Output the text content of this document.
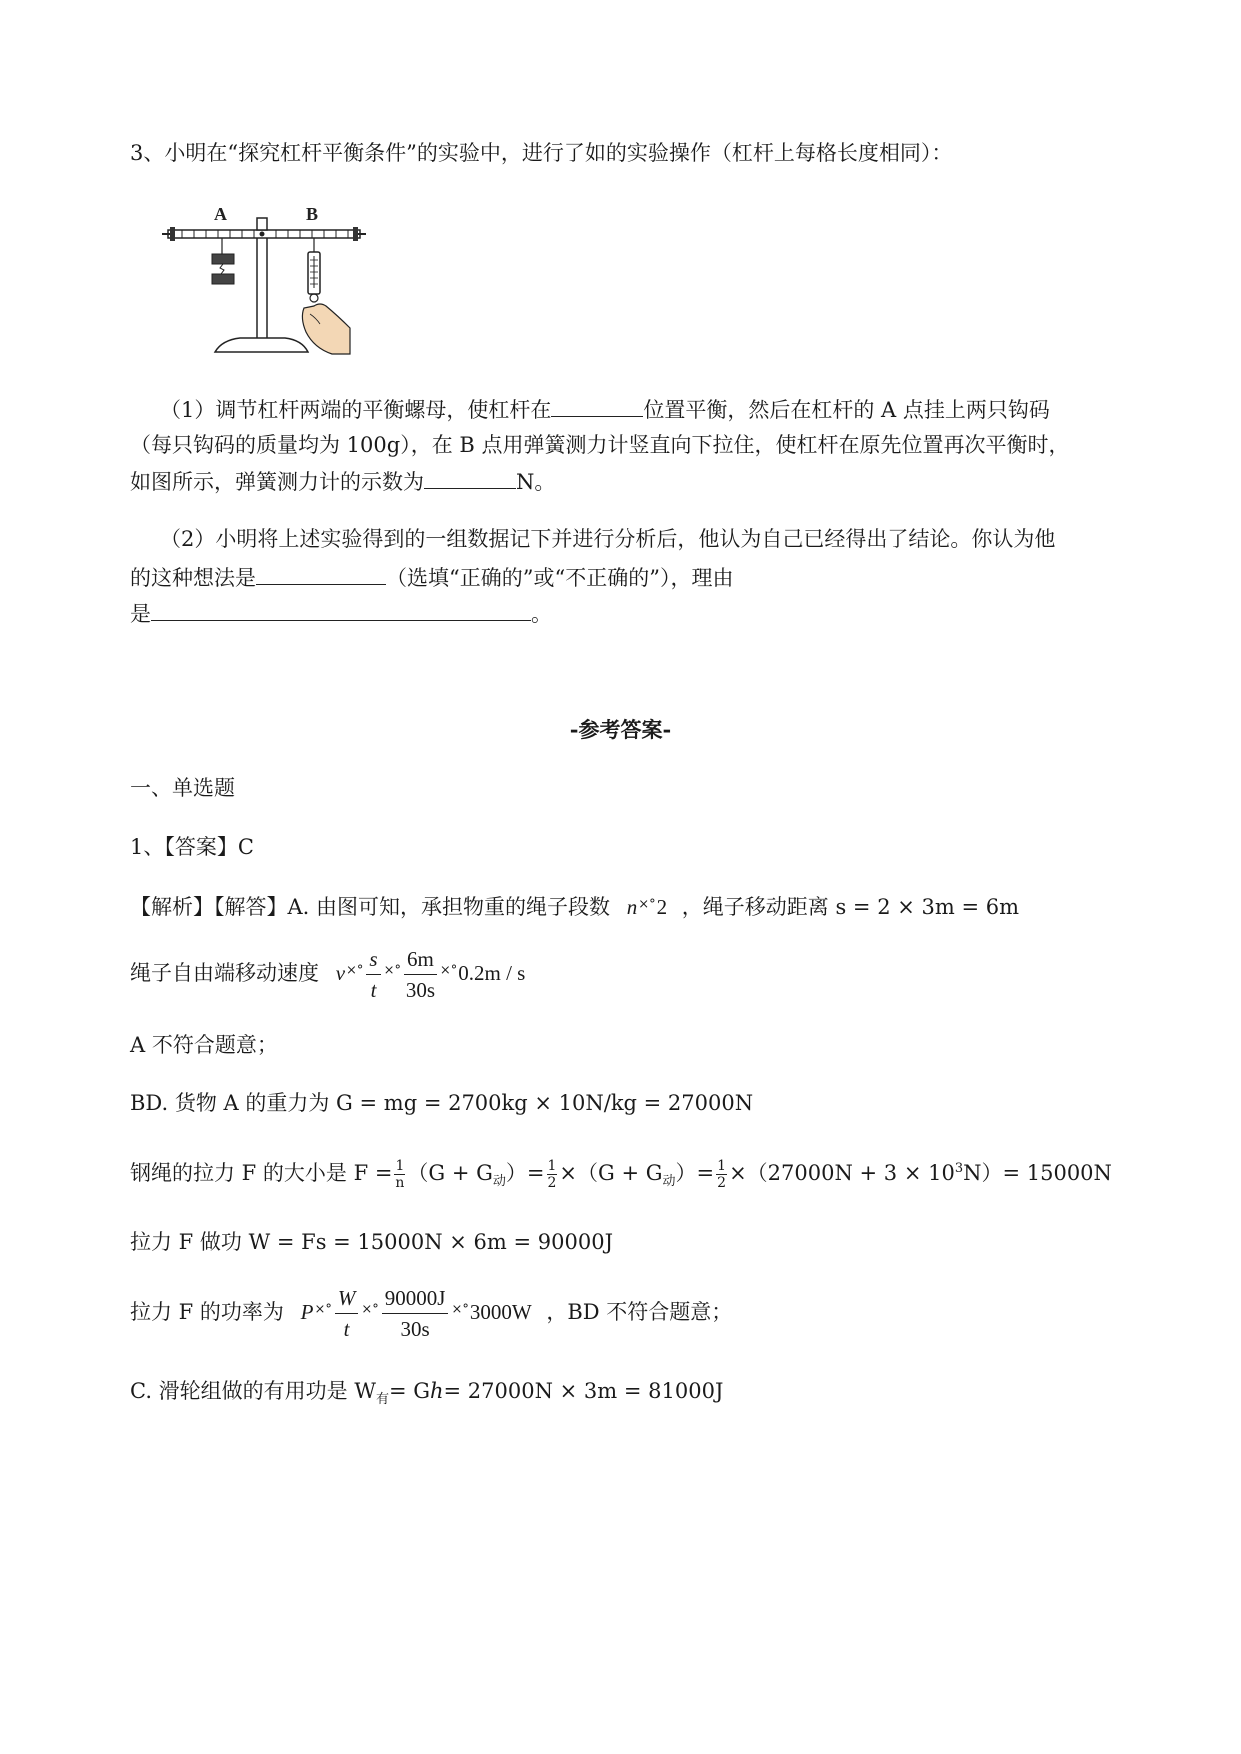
3、小明在“探究杠杆平衡条件”的实验中，进行了如的实验操作（杠杆上每格长度相同）：
A	B
（1）调节杠杆两端的平衡螺母，使杠杆在	位置平衡，然后在杠杆的 A 点挂上两只钩码
（每只钩码的质量均为 100g），在 B 点用弹簧测力计竖直向下拉住，使杠杆在原先位置再次平衡时，
如图所示，弹簧测力计的示数为	N。
（2）小明将上述实验得到的一组数据记下并进行分析后，他认为自己已经得出了结论。你认为他
的这种想法是	（选填“正确的”或“不正确的”），理由
是	。
-参考答案-
一、单选题
1、【答案】C
【解析】【解答】A. 由图可知，承担物重的绳子段数 n×°2 ，绳子移动距离 s = 2 × 3m = 6m
绳子自由端移动速度 $v^{\times^\circ} \frac{s}{t} ^{\times^\circ} \frac{6m}{30s} ^{\times^\circ}0.2m$ / s
A 不符合题意；
BD. 货物 A 的重力为 G = mg = 2700kg × 10N/kg = 27000N
钢绳的拉力 F 的大小是 $F = \frac{1}{n} (G + G_动)= \frac{1}{2} \times(G + G_动)= \frac{1}{2} \times(27000N + 3 \times 10^3N)= 15000N$
拉力 F 做功 W = Fs = 15000N × 6m = 90000J
拉力 F 的功率为 $P^{\times^\circ} \frac{W}{t} ^{\times^\circ} \frac{90000J}{30s} ^{\times^\circ}3000W$ ，BD 不符合题意；
C. 滑轮组做的有用功是 $W_有= Gh= 27000N \times 3m = 81000J$
